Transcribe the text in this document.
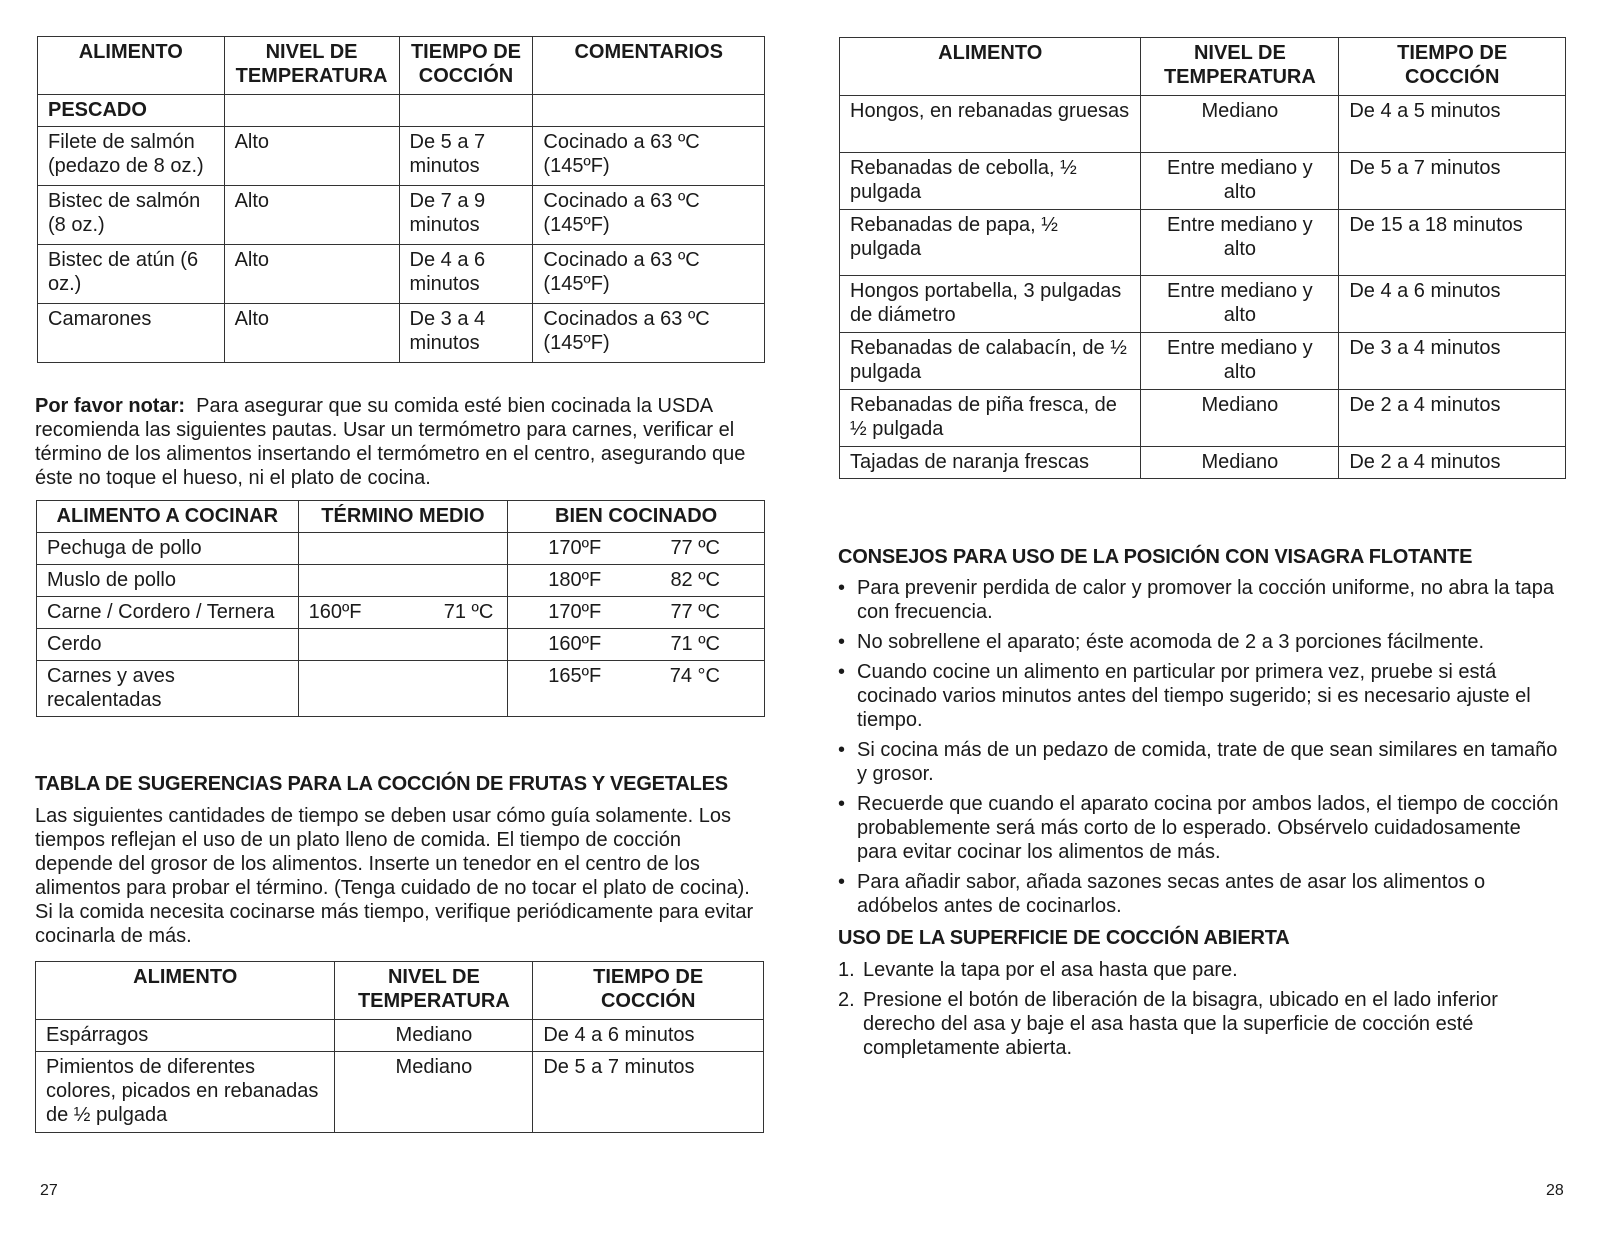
ALIMENTO	NIVEL DE TEMPERATURA	TIEMPO DE COCCIÓN	COMENTARIOS
PESCADO			
Filete de salmón (pedazo de 8 oz.)	Alto	De 5 a 7 minutos	Cocinado a 63 ºC (145ºF)
Bistec de salmón (8 oz.)	Alto	De 7 a 9 minutos	Cocinado a 63 ºC (145ºF)
Bistec de atún (6 oz.)	Alto	De 4 a 6 minutos	Cocinado a 63 ºC (145ºF)
Camarones	Alto	De 3 a 4 minutos	Cocinados a 63 ºC (145ºF)

Por favor notar: Para asegurar que su comida esté bien cocinada la USDA recomienda las siguientes pautas. Usar un termómetro para carnes, verificar el término de los alimentos insertando el termómetro en el centro, asegurando que éste no toque el hueso, ni el plato de cocina.

ALIMENTO A COCINAR	TÉRMINO MEDIO	BIEN COCINADO
Pechuga de pollo		170ºF 77 ºC

Muslo de pollo		180ºF 82 ºC

Carne / Cordero / Ternera	160ºF 71 ºC	170ºF 77 ºC

Cerdo		160ºF 71 ºC

Carnes y aves recalentadas		165ºF 74 °C
TABLA DE SUGERENCIAS PARA LA COCCIÓN DE FRUTAS Y VEGETALES

Las siguientes cantidades de tiempo se deben usar cómo guía solamente. Los tiempos reflejan el uso de un plato lleno de comida. El tiempo de cocción depende del grosor de los alimentos. Inserte un tenedor en el centro de los alimentos para probar el término. (Tenga cuidado de no tocar el plato de cocina). Si la comida necesita cocinarse más tiempo, verifique periódicamente para evitar cocinarla de más.

ALIMENTO	NIVEL DE TEMPERATURA	TIEMPO DE COCCIÓN
Espárragos	Mediano	De 4 a 6 minutos
Pimientos de diferentes colores, picados en rebanadas de ½ pulgada	Mediano	De 5 a 7 minutos
27
ALIMENTO	NIVEL DE TEMPERATURA	TIEMPO DE COCCIÓN
Hongos, en rebanadas gruesas	Mediano	De 4 a 5 minutos
Rebanadas de cebolla, ½ pulgada	Entre mediano y alto	De 5 a 7 minutos
Rebanadas de papa, ½ pulgada	Entre mediano y alto	De 15 a 18 minutos
Hongos portabella, 3 pulgadas de diámetro	Entre mediano y alto	De 4 a 6 minutos
Rebanadas de calabacín, de ½ pulgada	Entre mediano y alto	De 3 a 4 minutos
Rebanadas de piña fresca, de ½ pulgada	Mediano	De 2 a 4 minutos
Tajadas de naranja frescas	Mediano	De 2 a 4 minutos
CONSEJOS PARA USO DE LA POSICIÓN CON VISAGRA FLOTANTE
• Para prevenir perdida de calor y promover la cocción uniforme, no abra la tapa con frecuencia.
• No sobrellene el aparato; éste acomoda de 2 a 3 porciones fácilmente.
• Cuando cocine un alimento en particular por primera vez, pruebe si está cocinado varios minutos antes del tiempo sugerido; si es necesario ajuste el tiempo.
• Si cocina más de un pedazo de comida, trate de que sean similares en tamaño y grosor.
• Recuerde que cuando el aparato cocina por ambos lados, el tiempo de cocción probablemente será más corto de lo esperado. Obsérvelo cuidadosamente para evitar cocinar los alimentos de más.
• Para añadir sabor, añada sazones secas antes de asar los alimentos o adóbelos antes de cocinarlos.
USO DE LA SUPERFICIE DE COCCIÓN ABIERTA
1. Levante la tapa por el asa hasta que pare.
2. Presione el botón de liberación de la bisagra, ubicado en el lado inferior derecho del asa y baje el asa hasta que la superficie de cocción esté completamente abierta.
28
